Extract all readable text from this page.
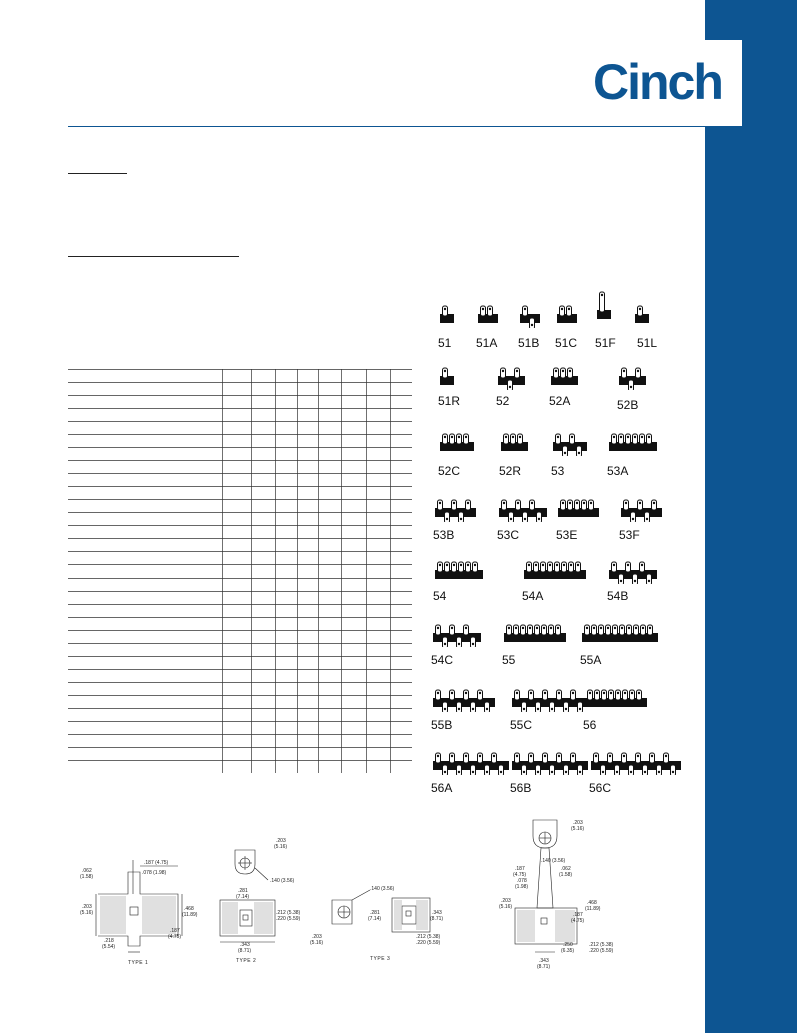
Cinch
51 51A 51B 51C 51F 51L
51R	52	52A	52B
52C	52R 53	53A
53B	53C	53E	53F
54	54A	54B
54C	55	55A
55B	55C	56
56A	56B	56C
.187 (4.75)
.078 (1.98)
.062
(1.58)
.203
(5.16)
.468
(11.89)
.187
(4.75)
.218
(5.54)
TYPE 1
.203
(5.16)
.140 (3.56)
.281
(7.14)
.212 (5.38)
.220 (5.59)
.343
(8.71)
TYPE 2
.140 (3.56)
.281
(7.14)
.343
(8.71)
.203
(5.16)
.212 (5.38)
.220 (5.59)
TYPE 3
.203
(5.16)
.140 (3.56)
.187
(4.75)
.078
(1.98)
.062
(1.58)
.203
(5.16)
.468
(11.89)
.187
(4.75)
.250
(6.35)
.212 (5.38)
.220 (5.59)
.343
(8.71)
